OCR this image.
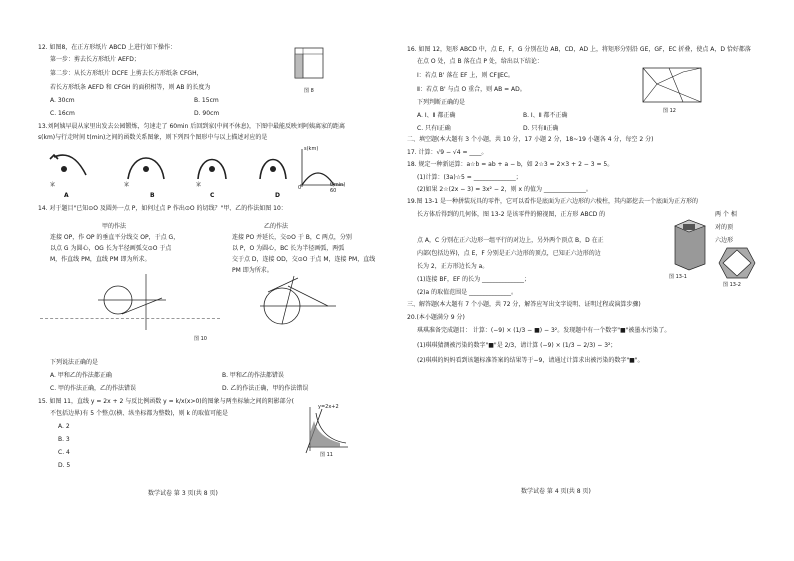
12. 如图8，在正方形纸片 ABCD 上进行如下操作：
第一步：剪去长方形纸片 AEFD；
第二步：从长方形纸片 DCFE 上剪去长方形纸条 CFGH，
若长方形纸条 AEFD 和 CFGH 的面积相等，则 AB 的长度为
A. 30cm	B. 15cm
C. 16cm	D. 90cm
图 8
13.刘阿姨早晨从家里出发去公园锻炼，匀速走了 60min 后回到家(中间不休息)，下图中最能反映刘阿姨离家的距离
s(km)与行走时间 t(min)之间的函数关系图象，则下列四个图形中与以上描述对应的是
家	家	家
A	B	C	D
s(km)
t(min)
0	60
14. 对于题目"已知⊙O 及圆外一点 P，如何过点 P 作出⊙O 的切线？"甲、乙的作法如图 10：
甲的作法
连接 OP，作 OP 的垂直平分线交 OP，于点 G，
以点 G 为圆心，OG 长为半径画弧交⊙O 于点
M，作直线 PM，直线 PM 即为所求。
乙的作法
连接 PO 并延长，交⊙O 于 B，C 两点，分别
以 P，O 为圆心，BC 长为半径画弧，两弧
交于点 D，连接 OD，交⊙O 于点 M，连接 PM，直线
PM 即为所求。
图 10
下列说法正确的是
A. 甲和乙的作法都正确	B. 甲和乙的作法都错误
C. 甲的作法正确，乙的作法错误	D. 乙的作法正确，甲的作法错误
15. 如图 11，直线 y = 2x + 2 与反比例函数 y = k/x(x>0)的图象与两坐标轴之间的阴影部分(
不包括边界)有 5 个整点(横、纵坐标都为整数)，则 k 的取值可能是
A. 2
B. 3
C. 4
D. 5
y=2x+2
图 11
数学试卷 第 3 页(共 8 页)
16. 如图 12，矩形 ABCD 中，点 E，F，G 分别在边 AB，CD，AD 上，将矩形分别沿 GE，GF，EC 折叠，使点 A，D 恰好都落
在点 O 处，点 B 落在点 P 处，给出以下结论：
Ⅰ：若点 B' 落在 EF 上，则 CF∥EC。
Ⅱ：若点 B' 与点 O 重合，则 AB = AD。
下列判断正确的是
A. Ⅰ、Ⅱ 都正确	B. Ⅰ、Ⅱ 都不正确
C. 只有Ⅰ正确	D. 只有Ⅱ正确
图 12
二、填空题(本大题有 3 个小题，共 10 分，17 小题 2 分，18~19 小题各 4 分，每空 2 分)
17. 计算：√9 − √4 = ____。
18. 规定一种新运算：a☆b = ab + a − b，如 2☆3 = 2×3 + 2 − 3 = 5。
(1)计算：(3a)☆5 = ______________；
(2)如果 2☆(2x − 3) = 3x² − 2，则 x 的值为 ______________。
19.图 13-1 是一种拼装玩具的零件，它可以看作是底面为正六边形的六棱柱，其内部挖去一个底面为正方形的
长方体后得到的几何体，图 13-2 是该零件的俯视图，正方形 ABCD 的	两 个 相
对的顶
点 A，C 分别在正六边形一组平行的对边上，另外两个顶点 B，D 在正	六边形
内部(包括边界)，点 E，F 分别是正六边形的顶点，已知正六边形的边
长为 2，正方形边长为 a。
(1)连接 BF，EF 的长为 ______________；
(2)a 的取值范围是 ______________。
图 13-1
图 13-2
三、解答题(本大题有 7 个小题，共 72 分，解答应写出文字说明、证明过程或演算步骤)
20.(本小题满分 9 分)
琪琪准备完成题目： 计算：(−9) × (1/3 − ■) − 3²。发现题中有一个数字"■"被墨水污染了。
(1)琪琪猜测被污染的数字"■"是 2/3，请计算 (−9) × (1/3 − 2/3) − 3²；
(2)琪琪的妈妈看到该题标准答案的结果等于−9，请通过计算求出被污染的数字"■"。
数学试卷 第 4 页(共 8 页)
